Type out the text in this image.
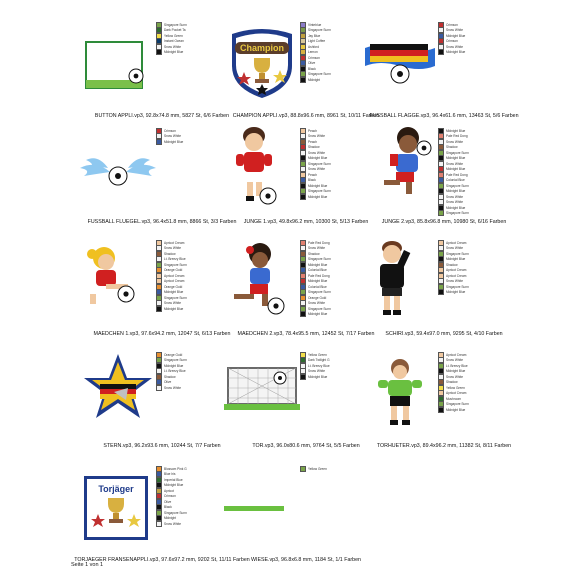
Singapore Sunn
Dark Pocket Ta
Yellow Green
Instant Ocean
Snow White
Midnight Blue
BUTTON APPLI.vp3, 92.8x74.8 mm, 5827 St, 6/6 Farben
Champion
Vinteblue
Singapore Sunn
Jay Blue
Light Coffee
Ashford
Lemon
Crimson
Olive
Black
Singapore Sunn
Midnight
CHAMPION APPLI.vp3, 88.8x96.6 mm, 8961 St, 10/11 Farben
Crimson
Snow White
Midnight Blue
Crimson
Snow White
Midnight Blue
FUSSBALL FLAGGE.vp3, 96.4x61.6 mm, 13463 St, 5/6 Farben
Crimson
Snow White
Midnight Blue
FUSSBALL FLUEGEL.vp3, 96.4x51.8 mm, 8866 St, 3/3 Farben
Peach
Snow White
Peach
Shadow
Snow White
Midnight Blue
Singapore Sunn
Snow White
Peach
Black
Midnight Blue
Singapore Sunn
Midnight Blue
JUNGE 1.vp3, 49.8x96.2 mm, 10300 St, 5/13 Farben
Midnight Blue
Pale Red Dong
Snow White
Shadow
Singapore Sunn
Midnight Blue
Snow White
Midnight Blue
Pale Red Dong
Colonial Blue
Singapore Sunn
Midnight Blue
Snow White
Snow White
Midnight Blue
Singapore Sunn
JUNGE 2.vp3, 85.8x96.8 mm, 10980 St, 6/16 Farben
Apricot Cream
Snow White
Shadow
Lt. Breezy Blue
Singapore Sunn
Orange Gold
Apricot Cream
Apricot Cream
Orange Gold
Midnight Blue
Singapore Sunn
Snow White
Midnight Blue
MAEDCHEN 1.vp3, 97.6x94.2 mm, 12047 St, 6/13 Farben
Pale Red Dong
Snow White
Shadow
Singapore Sunn
Midnight Blue
Colonial Blue
Pale Red Dong
Midnight Blue
Colonial Blue
Singapore Sunn
Orange Gold
Snow White
Singapore Sunn
Midnight Blue
MAEDCHEN 2.vp3, 78.4x95.5 mm, 12452 St, 7/17 Farben
Apricot Cream
Snow White
Singapore Sunn
Midnight Blue
Shadow
Apricot Cream
Apricot Cream
Snow White
Singapore Sunn
Midnight Blue
SCHIRI.vp3, 59.4x97.0 mm, 9295 St, 4/10 Farben
Orange Gold
Singapore Sunn
Midnight Blue
Lt. Breezy Blue
Shadow
Olive
Snow White
STERN.vp3, 96.2x93.6 mm, 10244 St, 7/7 Farben
Yellow Green
Dark Twilight G
Lt. Breezy Blue
Snow White
Midnight Blue
TOR.vp3, 96.0x80.6 mm, 9764 St, 5/5 Farben
Apricot Cream
Snow White
Lt. Breezy Blue
Midnight Blue
Snow White
Shadow
Yellow Green
Apricot Cream
Mushroom
Singapore Sunn
Midnight Blue
TORHUETER.vp3, 89.4x96.2 mm, 11382 St, 8/11 Farben
Torjäger
Blossom Pink G
Blue Iris
Imperial Blue
Midnight Blue
Apricot
Crimson
Olive
Black
Singapore Sunn
Midnight
Snow White
TORJAEGER FRANSENAPPLI.vp3, 97.6x97.2 mm, 9202 St, 11/11 Farben
Yellow Green
WIESE.vp3, 96.8x6.8 mm, 1184 St, 1/1 Farben
Seite 1 von 1
